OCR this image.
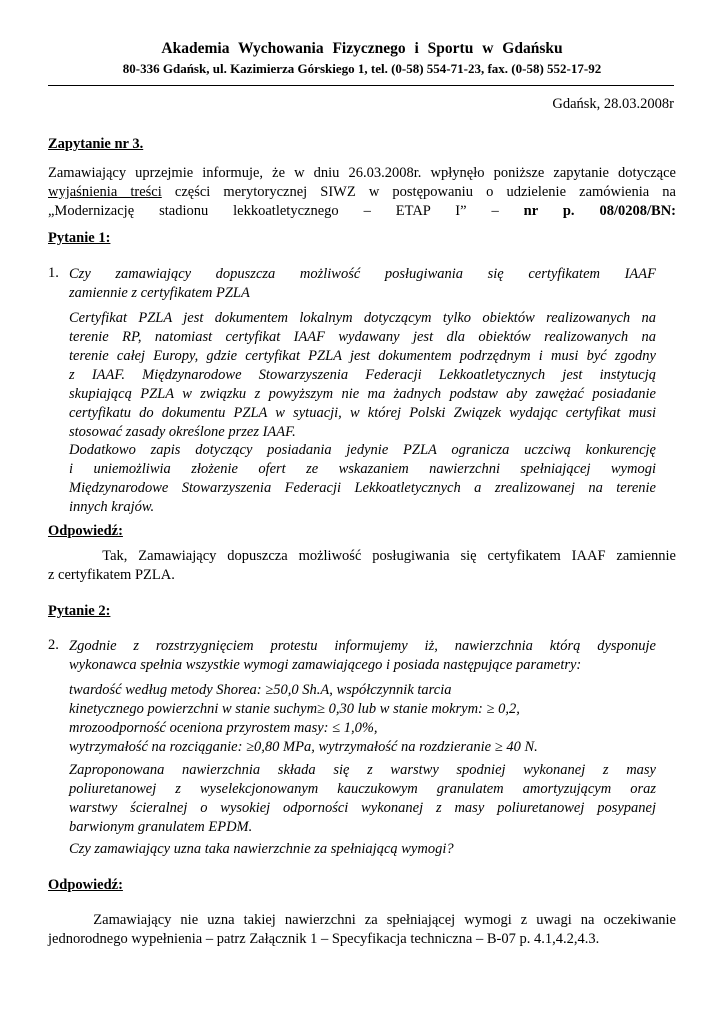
Akademia Wychowania Fizycznego i Sportu w Gdańsku
80-336 Gdańsk, ul. Kazimierza Górskiego 1, tel. (0-58) 554-71-23, fax. (0-58) 552-17-92
Gdańsk, 28.03.2008r
Zapytanie nr 3.
Zamawiający uprzejmie informuje, że w dniu 26.03.2008r. wpłynęło poniższe zapytanie dotyczące
wyjaśnienia treści części merytorycznej SIWZ w postępowaniu o udzielenie zamówienia na
„Modernizację stadionu lekkoatletycznego – ETAP I” – nr p. 08/0208/BN:
Pytanie 1:
1. Czy zamawiający dopuszcza możliwość posługiwania się certyfikatem IAAF
zamiennie z certyfikatem PZLA
Certyfikat PZLA jest dokumentem lokalnym dotyczącym tylko obiektów realizowanych na
terenie RP, natomiast certyfikat IAAF wydawany jest dla obiektów realizowanych na
terenie całej Europy, gdzie certyfikat PZLA jest dokumentem podrzędnym i musi być zgodny
z IAAF. Międzynarodowe Stowarzyszenia Federacji Lekkoatletycznych jest instytucją
skupiającą PZLA w związku z powyższym nie ma żadnych podstaw aby zawężać posiadanie
certyfikatu do dokumentu PZLA w sytuacji, w której Polski Związek wydając certyfikat musi
stosować zasady określone przez IAAF.
Dodatkowo zapis dotyczący posiadania jedynie PZLA ogranicza uczciwą konkurencję
i uniemożliwia złożenie ofert ze wskazaniem nawierzchni spełniającej wymogi
Międzynarodowe Stowarzyszenia Federacji Lekkoatletycznych a zrealizowanej na terenie
innych krajów.
Odpowiedź:
Tak, Zamawiający dopuszcza możliwość posługiwania się certyfikatem IAAF zamiennie
z certyfikatem PZLA.
Pytanie 2:
2. Zgodnie z rozstrzygnięciem protestu informujemy iż, nawierzchnia którą dysponuje
wykonawca spełnia wszystkie wymogi zamawiającego i posiada następujące parametry:
twardość według metody Shorea: ≥50,0 Sh.A, współczynnik tarcia
kinetycznego powierzchni w stanie suchym≥ 0,30 lub w stanie mokrym: ≥ 0,2,
mrozoodporność oceniona przyrostem masy: ≤ 1,0%,
wytrzymałość na rozciąganie: ≥0,80 MPa, wytrzymałość na rozdzieranie ≥ 40 N.
Zaproponowana nawierzchnia składa się z warstwy spodniej wykonanej z masy
poliuretanowej z wyselekcjonowanym kauczukowym granulatem amortyzującym oraz
warstwy ścieralnej o wysokiej odporności wykonanej z masy poliuretanowej posypanej
barwionym granulatem EPDM.
Czy zamawiający uzna taka nawierzchnie za spełniającą wymogi?
Odpowiedź:
Zamawiający nie uzna takiej nawierzchni za spełniającej wymogi z uwagi na oczekiwanie
jednorodnego wypełnienia – patrz Załącznik 1 – Specyfikacja techniczna – B-07 p. 4.1,4.2,4.3.
